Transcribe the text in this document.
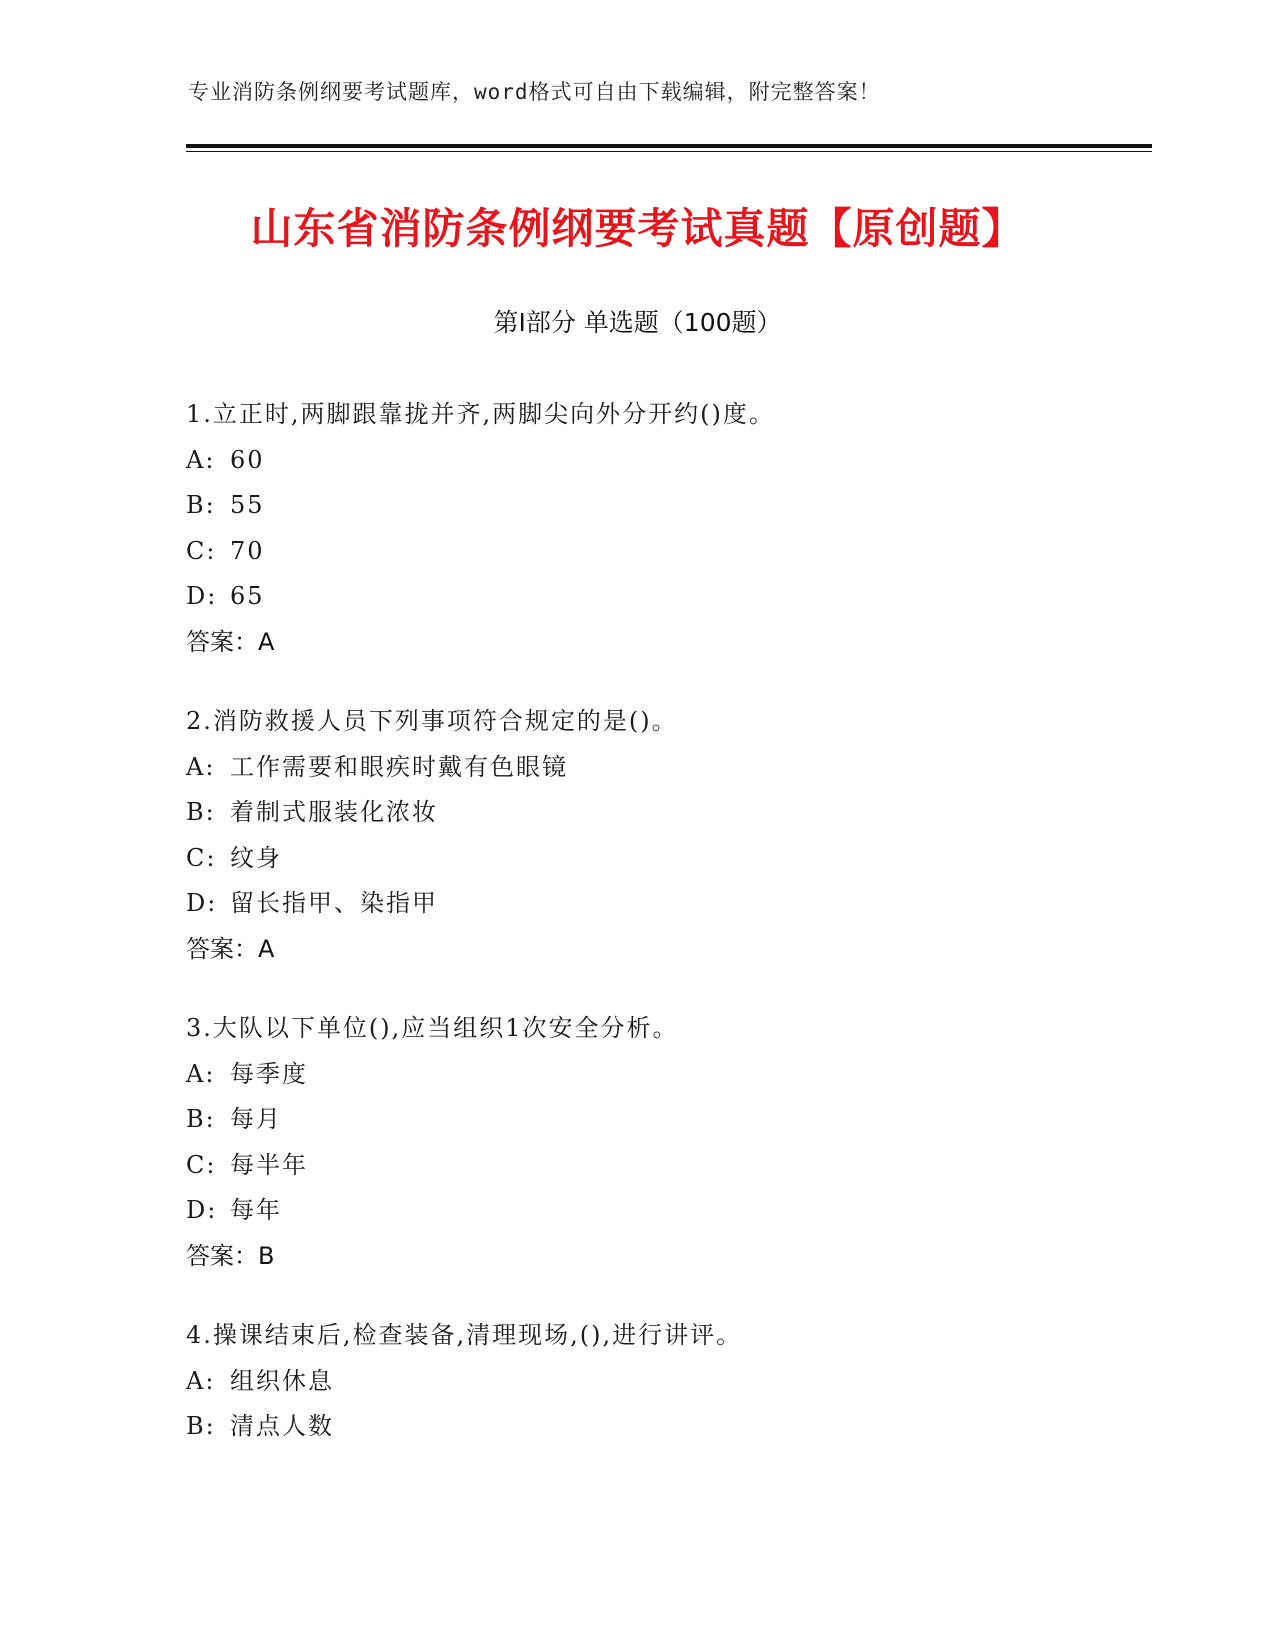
专业消防条例纲要考试题库，word格式可自由下载编辑，附完整答案！
山东省消防条例纲要考试真题【原创题】
第Ⅰ部分 单选题（100题）
1.立正时,两脚跟靠拢并齐,两脚尖向外分开约()度。
A: 60
B: 55
C: 70
D: 65
答案：A
2.消防救援人员下列事项符合规定的是()。
A: 工作需要和眼疾时戴有色眼镜
B: 着制式服装化浓妆
C: 纹身
D: 留长指甲、染指甲
答案：A
3.大队以下单位(),应当组织1次安全分析。
A: 每季度
B: 每月
C: 每半年
D: 每年
答案：B
4.操课结束后,检查装备,清理现场,(),进行讲评。
A: 组织休息
B: 清点人数
